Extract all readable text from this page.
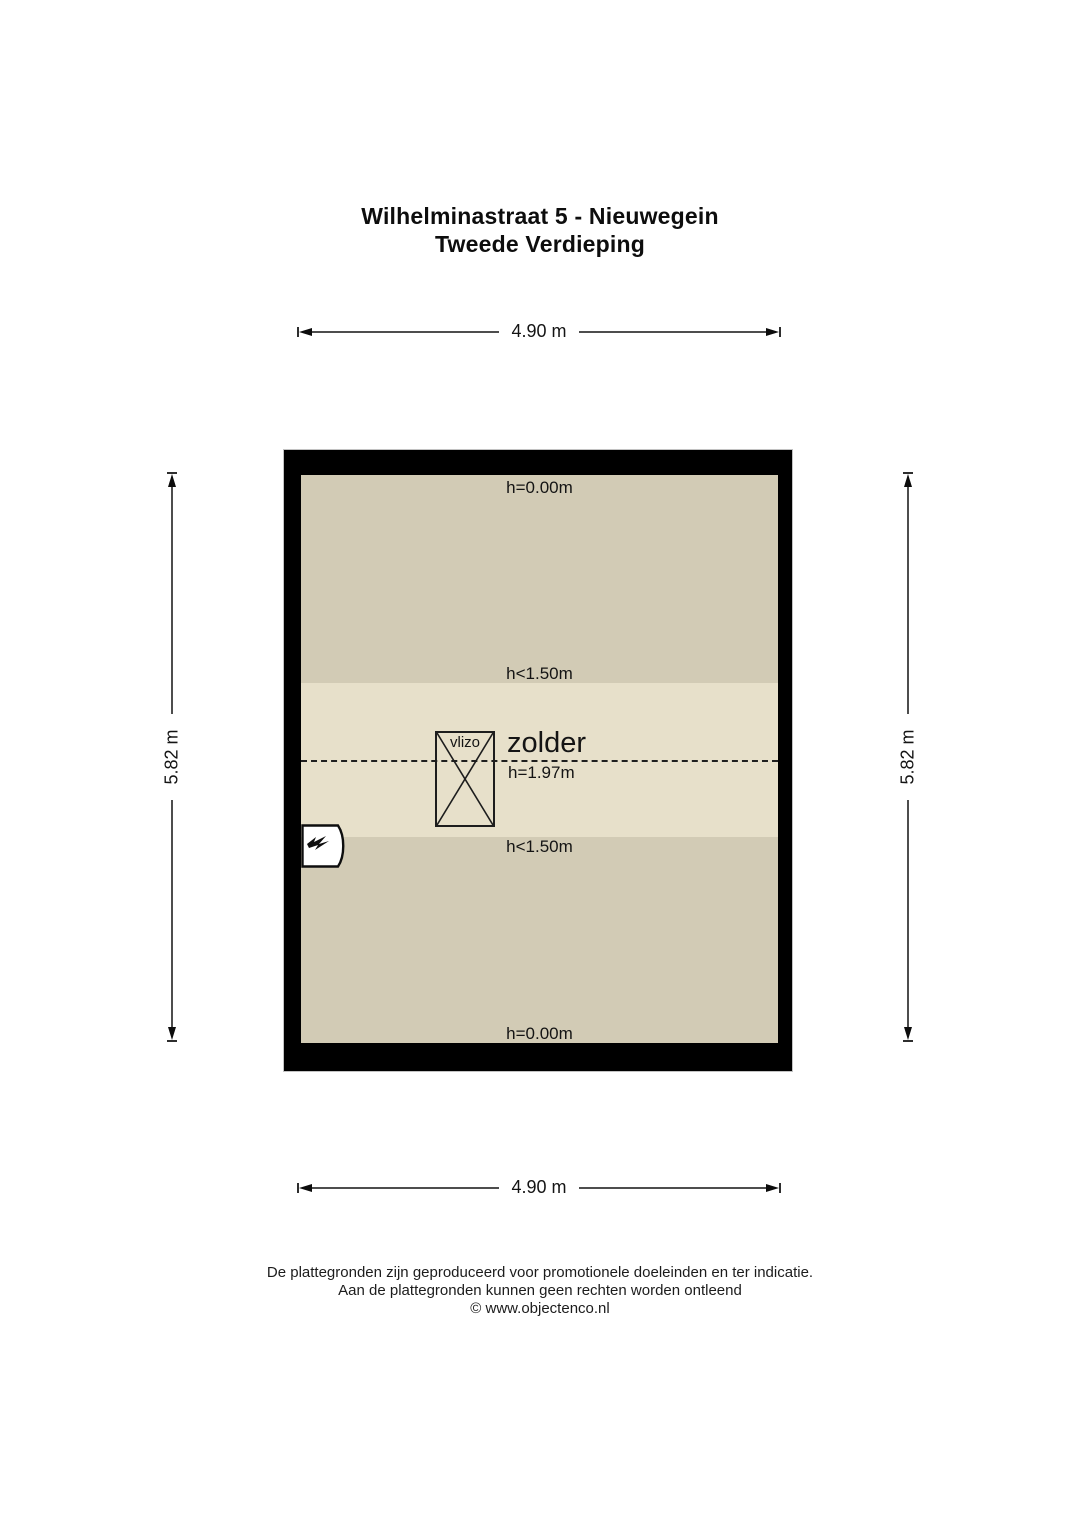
Wilhelminastraat 5 - Nieuwegein
Tweede Verdieping
4.90 m
5.82 m	5.82 m
h=0.00m
h<1.50m
zolder
h=1.97m
h<1.50m
h=0.00m
vlizo
4.90 m
De plattegronden zijn geproduceerd voor promotionele doeleinden en ter indicatie.
Aan de plattegronden kunnen geen rechten worden ontleend
© www.objectenco.nl
